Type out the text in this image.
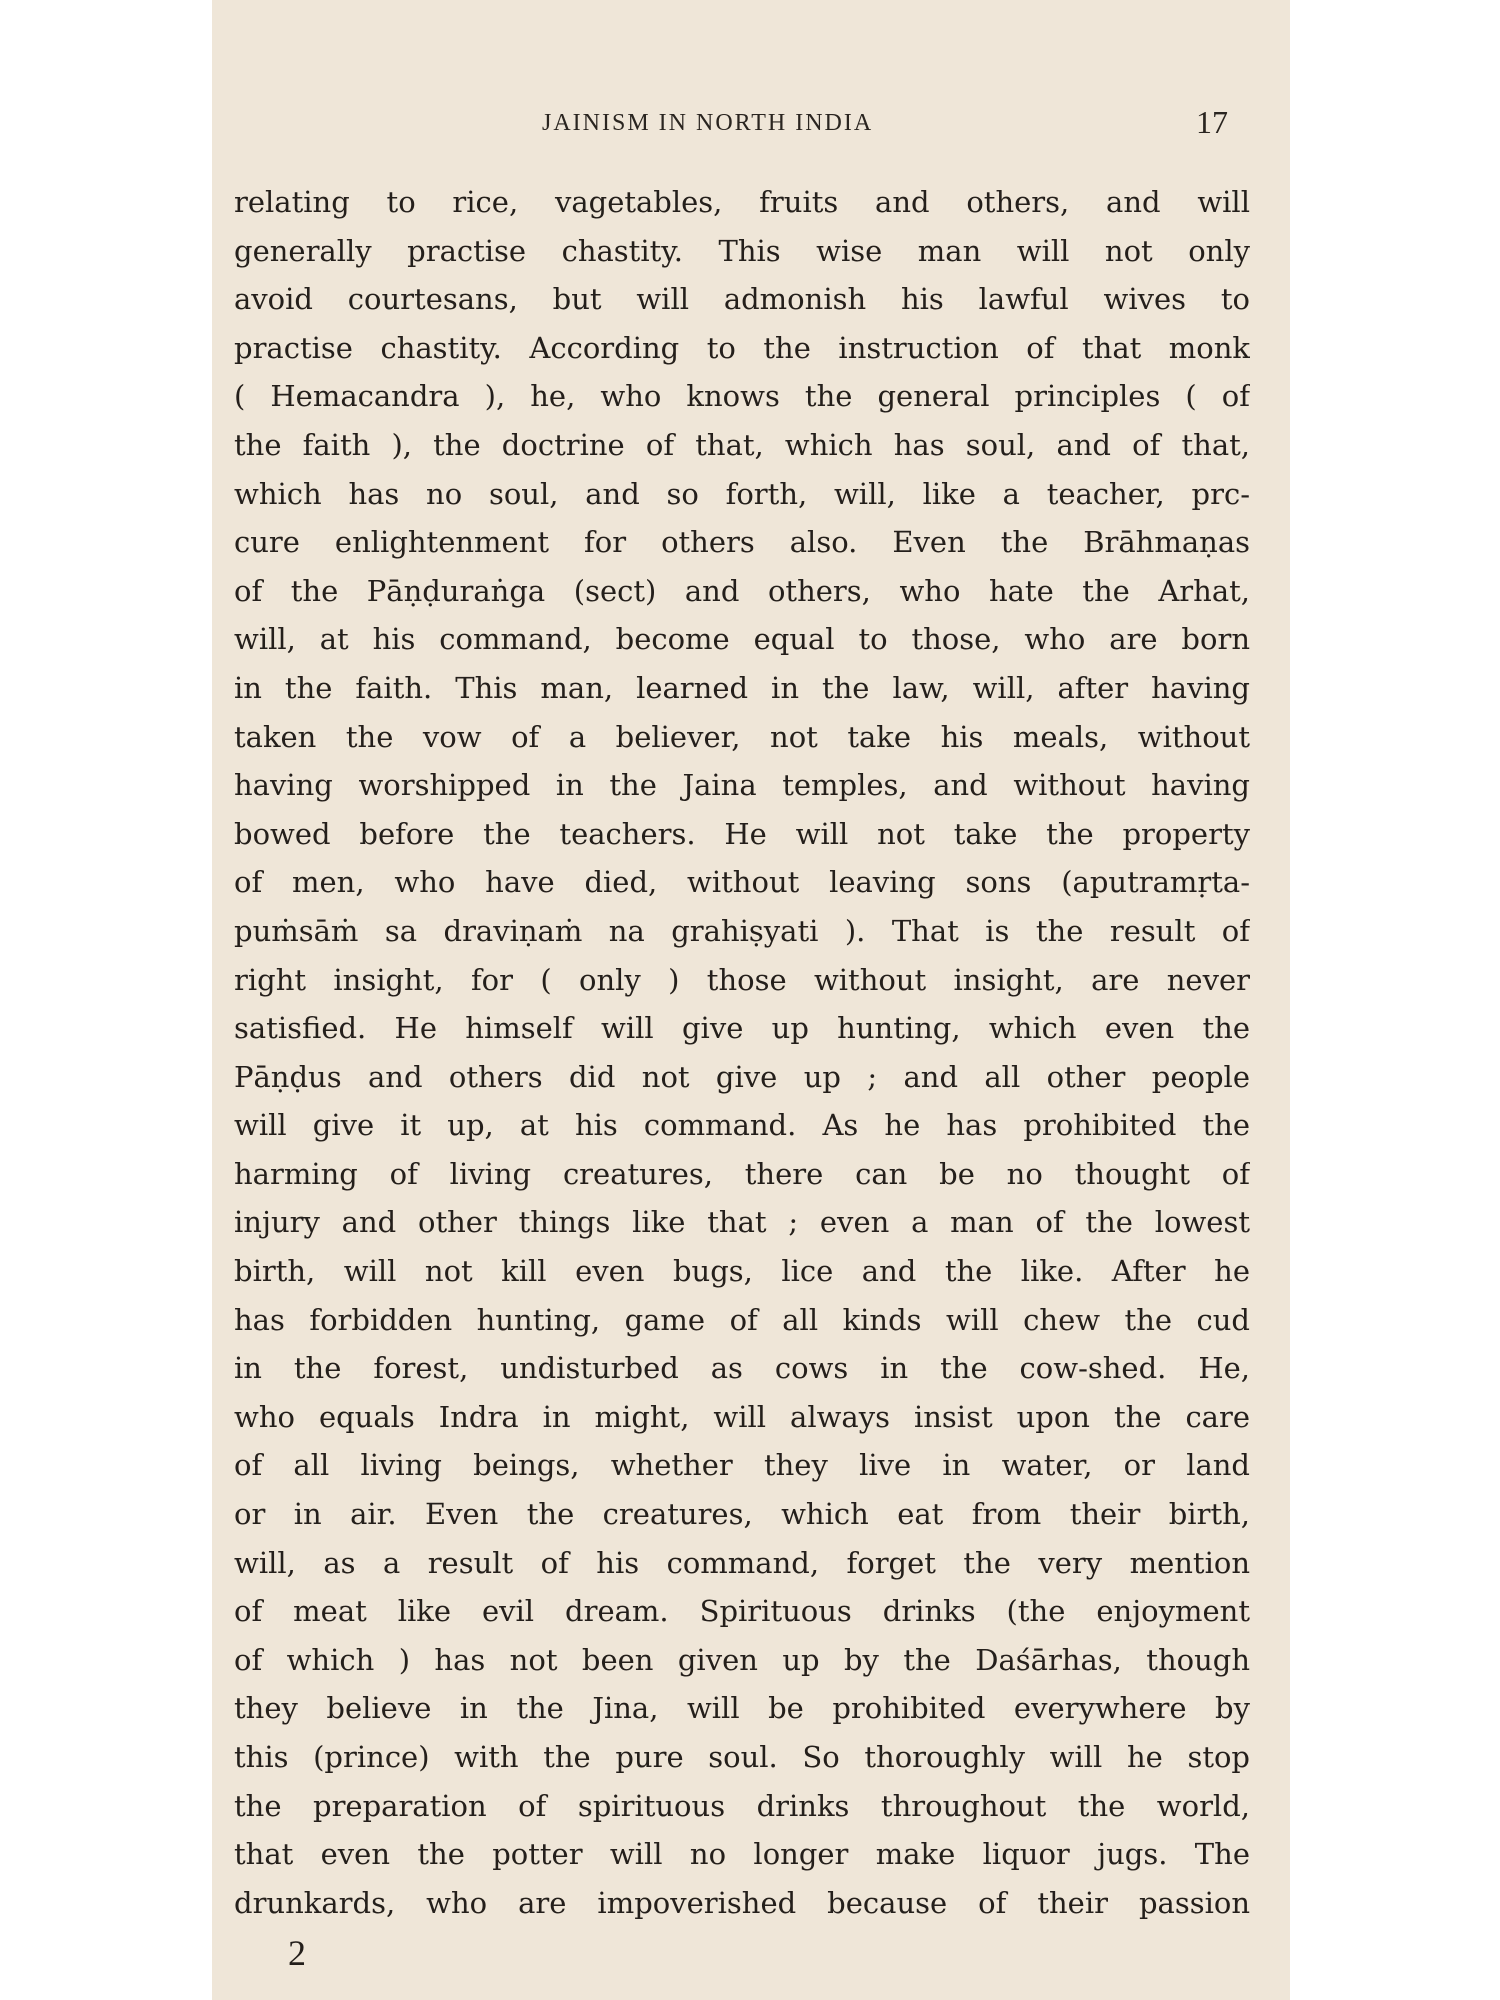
JAINISM IN NORTH INDIA	17
relating to rice, vagetables, fruits and others, and will
generally practise chastity. This wise man will not only
avoid courtesans, but will admonish his lawful wives to
practise chastity. According to the instruction of that monk
( Hemacandra ), he, who knows the general principles ( of
the faith ), the doctrine of that, which has soul, and of that,
which has no soul, and so forth, will, like a teacher, prc-
cure enlightenment for others also. Even the Brāhmaṇas
of the Pāṇḍuraṅga (sect) and others, who hate the Arhat,
will, at his command, become equal to those, who are born
in the faith. This man, learned in the law, will, after having
taken the vow of a believer, not take his meals, without
having worshipped in the Jaina temples, and without having
bowed before the teachers. He will not take the property
of men, who have died, without leaving sons (aputramṛta-
puṁsāṁ sa draviṇaṁ na grahiṣyati ). That is the result of
right insight, for ( only ) those without insight, are never
satisfied. He himself will give up hunting, which even the
Pāṇḍus and others did not give up ; and all other people
will give it up, at his command. As he has prohibited the
harming of living creatures, there can be no thought of
injury and other things like that ; even a man of the lowest
birth, will not kill even bugs, lice and the like. After he
has forbidden hunting, game of all kinds will chew the cud
in the forest, undisturbed as cows in the cow-shed. He,
who equals Indra in might, will always insist upon the care
of all living beings, whether they live in water, or land
or in air. Even the creatures, which eat from their birth,
will, as a result of his command, forget the very mention
of meat like evil dream. Spirituous drinks (the enjoyment
of which ) has not been given up by the Daśārhas, though
they believe in the Jina, will be prohibited everywhere by
this (prince) with the pure soul. So thoroughly will he stop
the preparation of spirituous drinks throughout the world,
that even the potter will no longer make liquor jugs. The
drunkards, who are impoverished because of their passion
2
